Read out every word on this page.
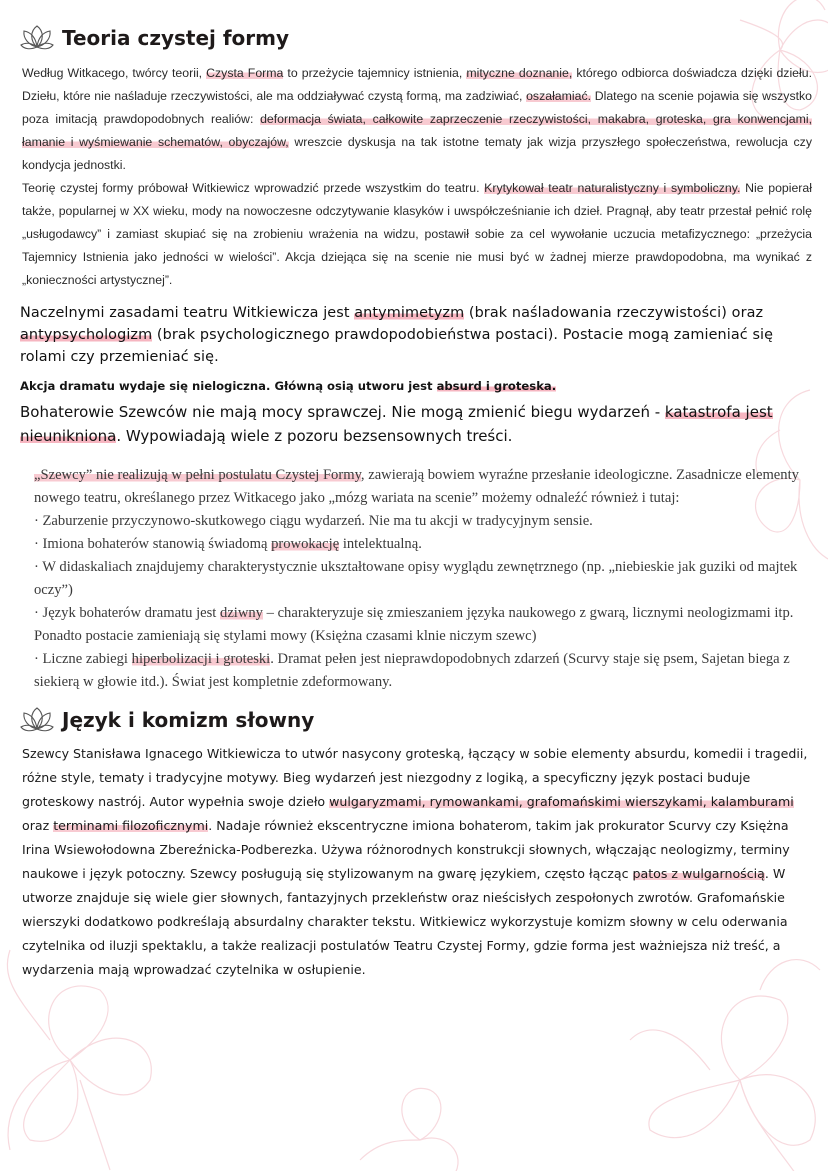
Teoria czystej formy

Według Witkacego, twórcy teorii, Czysta Forma to przeżycie tajemnicy istnienia, mityczne doznanie, którego odbiorca doświadcza dzięki dziełu. Dziełu, które nie naśladuje rzeczywistości, ale ma oddziaływać czystą formą, ma zadziwiać, oszałamiać. Dlatego na scenie pojawia się wszystko poza imitacją prawdopodobnych realiów: deformacja świata, całkowite zaprzeczenie rzeczywistości, makabra, groteska, gra konwencjami, łamanie i wyśmiewanie schematów, obyczajów, wreszcie dyskusja na tak istotne tematy jak wizja przyszłego społeczeństwa, rewolucja czy kondycja jednostki.

Teorię czystej formy próbował Witkiewicz wprowadzić przede wszystkim do teatru. Krytykował teatr naturalistyczny i symboliczny. Nie popierał także, popularnej w XX wieku, mody na nowoczesne odczytywanie klasyków i uwspółcześnianie ich dzieł. Pragnął, aby teatr przestał pełnić rolę „usługodawcy” i zamiast skupiać się na zrobieniu wrażenia na widzu, postawił sobie za cel wywołanie uczucia metafizycznego: „przeżycia Tajemnicy Istnienia jako jedności w wielości”. Akcja dziejąca się na scenie nie musi być w żadnej mierze prawdopodobna, ma wynikać z „konieczności artystycznej”.

Naczelnymi zasadami teatru Witkiewicza jest antymimetyzm (brak naśladowania rzeczywistości) oraz antypsychologizm (brak psychologicznego prawdopodobieństwa postaci). Postacie mogą zamieniać się rolami czy przemieniać się.

Akcja dramatu wydaje się nielogiczna. Główną osią utworu jest absurd i groteska.

Bohaterowie Szewców nie mają mocy sprawczej. Nie mogą zmienić biegu wydarzeń - katastrofa jest nieunikniona. Wypowiadają wiele z pozoru bezsensownych treści.

„Szewcy” nie realizują w pełni postulatu Czystej Formy, zawierają bowiem wyraźne przesłanie ideologiczne. Zasadnicze elementy nowego teatru, określanego przez Witkacego jako „mózg wariata na scenie” możemy odnaleźć również i tutaj:

· Zaburzenie przyczynowo-skutkowego ciągu wydarzeń. Nie ma tu akcji w tradycyjnym sensie.
· Imiona bohaterów stanowią świadomą prowokację intelektualną.
· W didaskaliach znajdujemy charakterystycznie ukształtowane opisy wyglądu zewnętrznego (np. „niebieskie jak guziki od majtek oczy”)
· Język bohaterów dramatu jest dziwny – charakteryzuje się zmieszaniem języka naukowego z gwarą, licznymi neologizmami itp. Ponadto postacie zamieniają się stylami mowy (Księżna czasami klnie niczym szewc)
· Liczne zabiegi hiperbolizacji i groteski. Dramat pełen jest nieprawdopodobnych zdarzeń (Scurvy staje się psem, Sajetan biega z siekierą w głowie itd.). Świat jest kompletnie zdeformowany.
Język i komizm słowny

Szewcy Stanisława Ignacego Witkiewicza to utwór nasycony groteską, łączący w sobie elementy absurdu, komedii i tragedii, różne style, tematy i tradycyjne motywy. Bieg wydarzeń jest niezgodny z logiką, a specyficzny język postaci buduje groteskowy nastrój. Autor wypełnia swoje dzieło wulgaryzmami, rymowankami, grafomańskimi wierszykami, kalamburami oraz terminami filozoficznymi. Nadaje również ekscentryczne imiona bohaterom, takim jak prokurator Scurvy czy Księżna Irina Wsiewołodowna Zbereźnicka-Podberezka. Używa różnorodnych konstrukcji słownych, włączając neologizmy, terminy naukowe i język potoczny. Szewcy posługują się stylizowanym na gwarę językiem, często łącząc patos z wulgarnością. W utworze znajduje się wiele gier słownych, fantazyjnych przekleństw oraz nieścisłych zespołonych zwrotów. Grafomańskie wierszyki dodatkowo podkreślają absurdalny charakter tekstu. Witkiewicz wykorzystuje komizm słowny w celu oderwania czytelnika od iluzji spektaklu, a także realizacji postulatów Teatru Czystej Formy, gdzie forma jest ważniejsza niż treść, a wydarzenia mają wprowadzać czytelnika w osłupienie.
